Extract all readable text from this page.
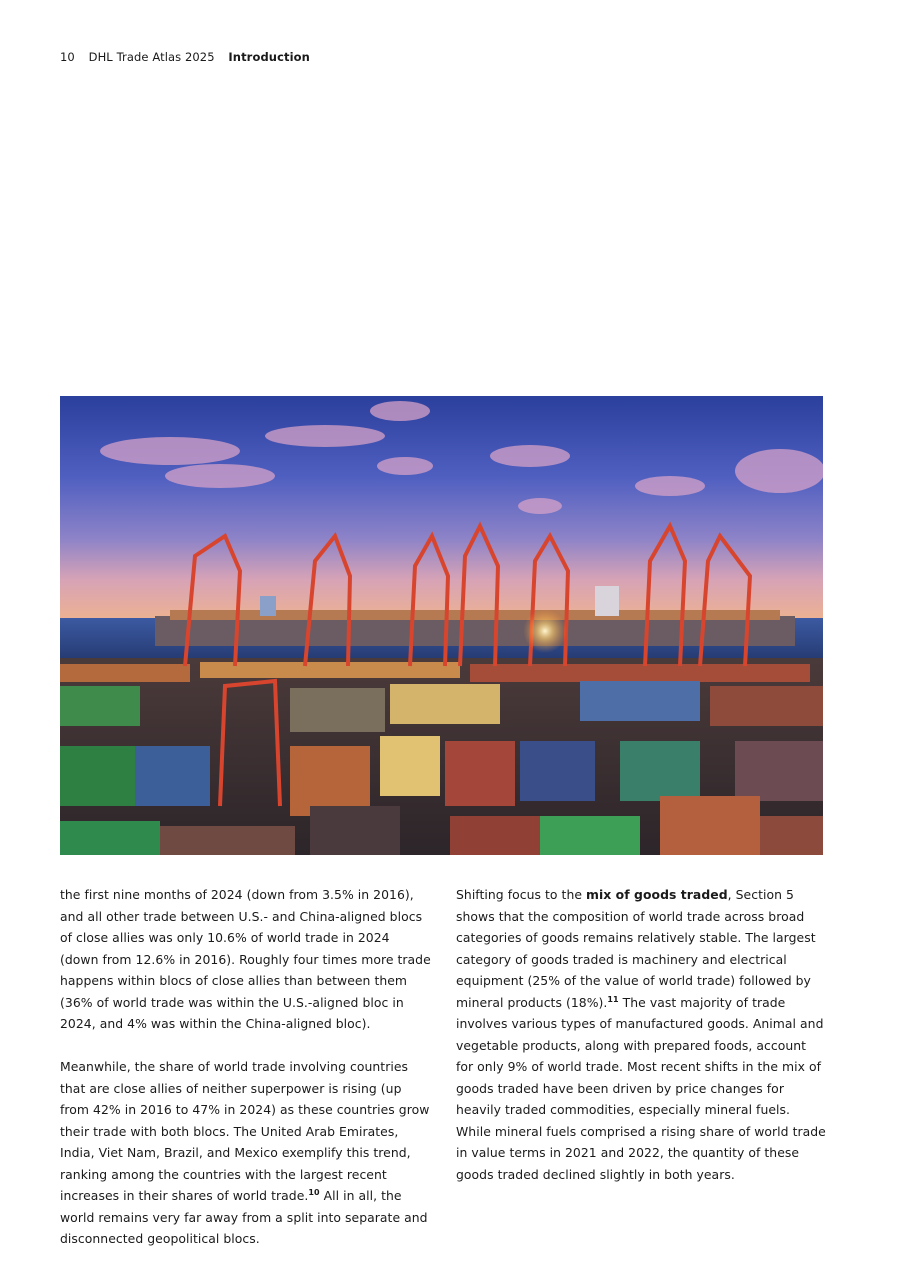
10 DHL Trade Atlas 2025 Introduction

the first nine months of 2024 (down from 3.5% in 2016), and all other trade between U.S.- and China-aligned blocs of close allies was only 10.6% of world trade in 2024 (down from 12.6% in 2016). Roughly four times more trade happens within blocs of close allies than between them (36% of world trade was within the U.S.-aligned bloc in 2024, and 4% was within the China-aligned bloc).

Meanwhile, the share of world trade involving countries that are close allies of neither superpower is rising (up from 42% in 2016 to 47% in 2024) as these countries grow their trade with both blocs. The United Arab Emirates, India, Viet Nam, Brazil, and Mexico exemplify this trend, ranking among the countries with the largest recent increases in their shares of world trade.$^{10}$ All in all, the world remains very far away from a split into separate and disconnected geopolitical blocs.

Shifting focus to the mix of goods traded, Section 5 shows that the composition of world trade across broad categories of goods remains relatively stable. The largest category of goods traded is machinery and electrical equipment (25% of the value of world trade) followed by mineral products (18%).$^{11}$ The vast majority of trade involves various types of manufactured goods. Animal and vegetable products, along with prepared foods, account for only 9% of world trade. Most recent shifts in the mix of goods traded have been driven by price changes for heavily traded commodities, especially mineral fuels. While mineral fuels comprised a rising share of world trade in value terms in 2021 and 2022, the quantity of these goods traded declined slightly in both years.
